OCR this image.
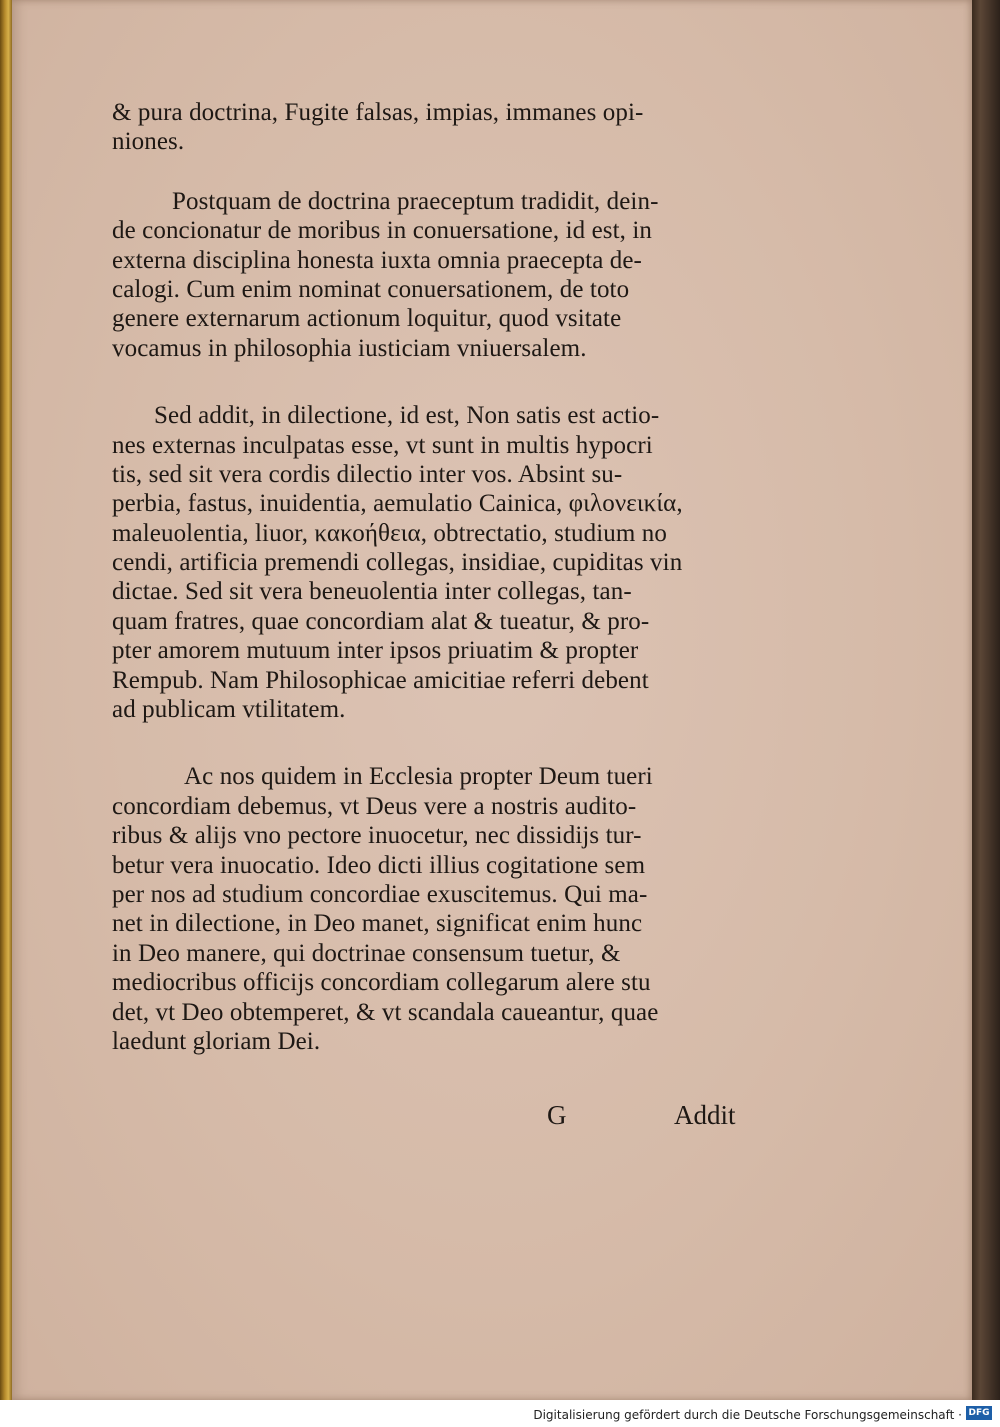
& pura doctrina, Fugite falsas, impias, immanes opi-
niones.
Postquam de doctrina praeceptum tradidit, dein-
de concionatur de moribus in conuersatione, id est, in
externa disciplina honesta iuxta omnia praecepta de-
calogi. Cum enim nominat conuersationem, de toto
genere externarum actionum loquitur, quod vsitate
vocamus in philosophia iusticiam vniuersalem.
Sed addit, in dilectione, id est, Non satis est actio-
nes externas inculpatas esse, vt sunt in multis hypocri
tis, sed sit vera cordis dilectio inter vos. Absint su-
perbia, fastus, inuidentia, aemulatio Cainica, φιλονεικία,
maleuolentia, liuor, κακοήθεια, obtrectatio, studium no
cendi, artificia premendi collegas, insidiae, cupiditas vin
dictae. Sed sit vera beneuolentia inter collegas, tan-
quam fratres, quae concordiam alat & tueatur, & pro-
pter amorem mutuum inter ipsos priuatim & propter
Rempub. Nam Philosophicae amicitiae referri debent
ad publicam vtilitatem.
Ac nos quidem in Ecclesia propter Deum tueri
concordiam debemus, vt Deus vere a nostris audito-
ribus & alijs vno pectore inuocetur, nec dissidijs tur-
betur vera inuocatio. Ideo dicti illius cogitatione sem
per nos ad studium concordiae exuscitemus. Qui ma-
net in dilectione, in Deo manet, significat enim hunc
in Deo manere, qui doctrinae consensum tuetur, &
mediocribus officijs concordiam collegarum alere stu
det, vt Deo obtemperet, & vt scandala caueantur, quae
laedunt gloriam Dei.
G	Addit
Digitalisierung gefördert durch die Deutsche Forschungsgemeinschaft · DFG
